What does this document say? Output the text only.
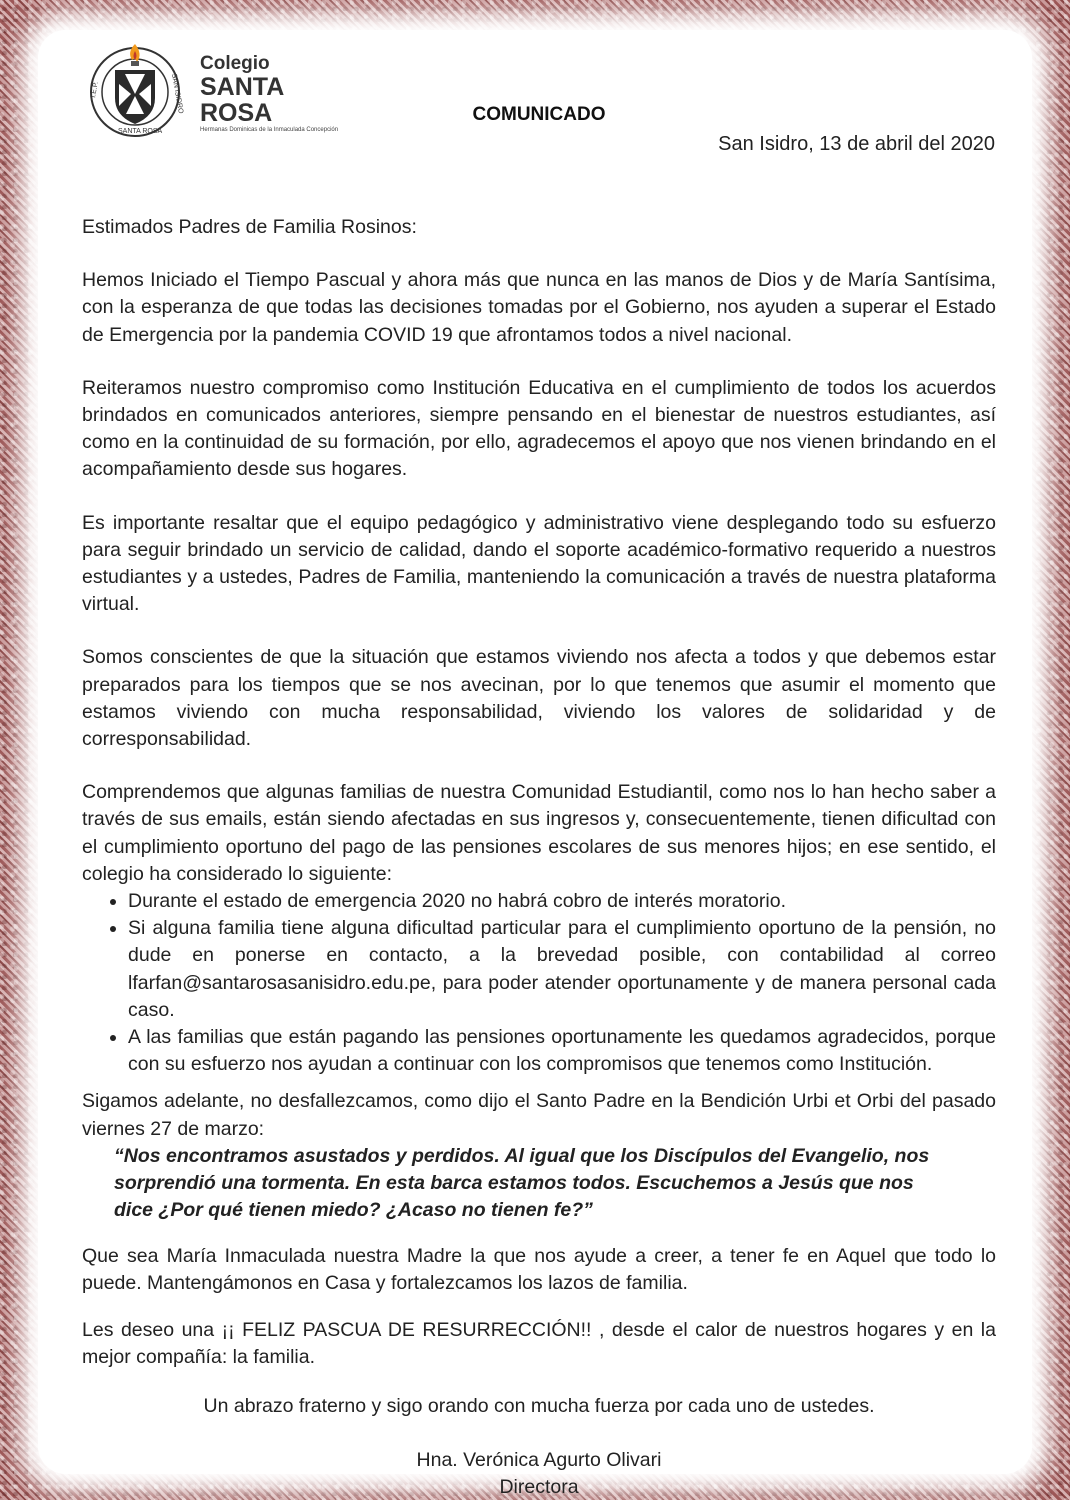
I.E.P.	SAN ISIDRO
SANTA ROSA
Colegio
SANTA ROSA
Hermanas Dominicas de la Inmaculada Concepción
COMUNICADO
San Isidro, 13 de abril del 2020

Estimados Padres de Familia Rosinos:

Hemos Iniciado el Tiempo Pascual y ahora más que nunca en las manos de Dios y de María Santísima, con la esperanza de que todas las decisiones tomadas por el Gobierno, nos ayuden a superar el Estado de Emergencia por la pandemia COVID 19 que afrontamos todos a nivel nacional.

Reiteramos nuestro compromiso como Institución Educativa en el cumplimiento de todos los acuerdos brindados en comunicados anteriores, siempre pensando en el bienestar de nuestros estudiantes, así como en la continuidad de su formación, por ello, agradecemos el apoyo que nos vienen brindando en el acompañamiento desde sus hogares.

Es importante resaltar que el equipo pedagógico y administrativo viene desplegando todo su esfuerzo para seguir brindado un servicio de calidad, dando el soporte académico-formativo requerido a nuestros estudiantes y a ustedes, Padres de Familia, manteniendo la comunicación a través de nuestra plataforma virtual.

Somos conscientes de que la situación que estamos viviendo nos afecta a todos y que debemos estar preparados para los tiempos que se nos avecinan, por lo que tenemos que asumir el momento que estamos viviendo con mucha responsabilidad, viviendo los valores de solidaridad y de corresponsabilidad.

Comprendemos que algunas familias de nuestra Comunidad Estudiantil, como nos lo han hecho saber a través de sus emails, están siendo afectadas en sus ingresos y, consecuentemente, tienen dificultad con el cumplimiento oportuno del pago de las pensiones escolares de sus menores hijos; en ese sentido, el colegio ha considerado lo siguiente:

• Durante el estado de emergencia 2020 no habrá cobro de interés moratorio.
• Si alguna familia tiene alguna dificultad particular para el cumplimiento oportuno de la pensión, no dude en ponerse en contacto, a la brevedad posible, con contabilidad al correo lfarfan@santarosasanisidro.edu.pe, para poder atender oportunamente y de manera personal cada caso.
• A las familias que están pagando las pensiones oportunamente les quedamos agradecidos, porque con su esfuerzo nos ayudan a continuar con los compromisos que tenemos como Institución.

Sigamos adelante, no desfallezcamos, como dijo el Santo Padre en la Bendición Urbi et Orbi del pasado viernes 27 de marzo:

“Nos encontramos asustados y perdidos. Al igual que los Discípulos del Evangelio, nos sorprendió una tormenta. En esta barca estamos todos. Escuchemos a Jesús que nos dice ¿Por qué tienen miedo? ¿Acaso no tienen fe?”

Que sea María Inmaculada nuestra Madre la que nos ayude a creer, a tener fe en Aquel que todo lo puede. Mantengámonos en Casa y fortalezcamos los lazos de familia.

Les deseo una ¡¡ FELIZ PASCUA DE RESURRECCIÓN!! , desde el calor de nuestros hogares y en la mejor compañía: la familia.

Un abrazo fraterno y sigo orando con mucha fuerza por cada uno de ustedes.

Hna. Verónica Agurto Olivari

Directora
